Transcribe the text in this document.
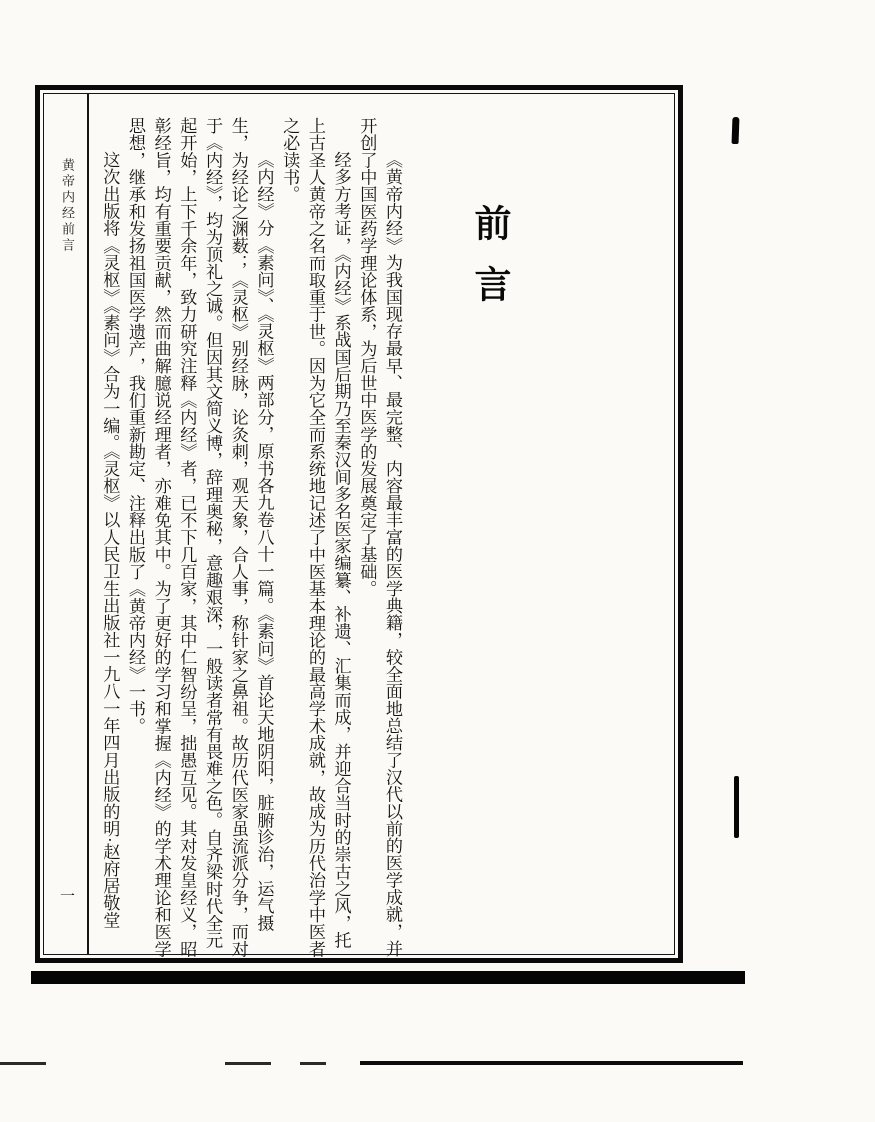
黄帝内经前言
一
前言

《黄帝内经》为我国现存最早、最完整、内容最丰富的医学典籍，较全面地总结了汉代以前的医学成就，并开创了中国医药学理论体系，为后世中医学的发展奠定了基础。

经多方考证，《内经》系战国后期乃至秦汉间多名医家编纂、补遗、汇集而成，并迎合当时的崇古之风，托上古圣人黄帝之名而取重于世。因为它全而系统地记述了中医基本理论的最高学术成就，故成为历代治学中医者之必读书。

《内经》分《素问》、《灵枢》两部分，原书各九卷八十一篇。《素问》首论天地阴阳，脏腑诊治，运气摄生，为经论之渊薮；《灵枢》别经脉，论灸刺，观天象，合人事，称针家之鼻祖。故历代医家虽流派分争，而对于《内经》，均为顶礼之诚。但因其文简义博，辞理奥秘，意趣艰深，一般读者常有畏难之色。自齐梁时代全元起开始，上下千余年，致力研究注释《内经》者，已不下几百家，其中仁智纷呈，拙愚互见。其对发皇经义，昭彰经旨，均有重要贡献，然而曲解臆说经理者，亦难免其中。为了更好的学习和掌握《内经》的学术理论和医学思想，继承和发扬祖国医学遗产，我们重新勘定、注释出版了《黄帝内经》一书。

这次出版将《灵枢》《素问》合为一编。《灵枢》以人民卫生出版社一九八一年四月出版的明·赵府居敬堂
